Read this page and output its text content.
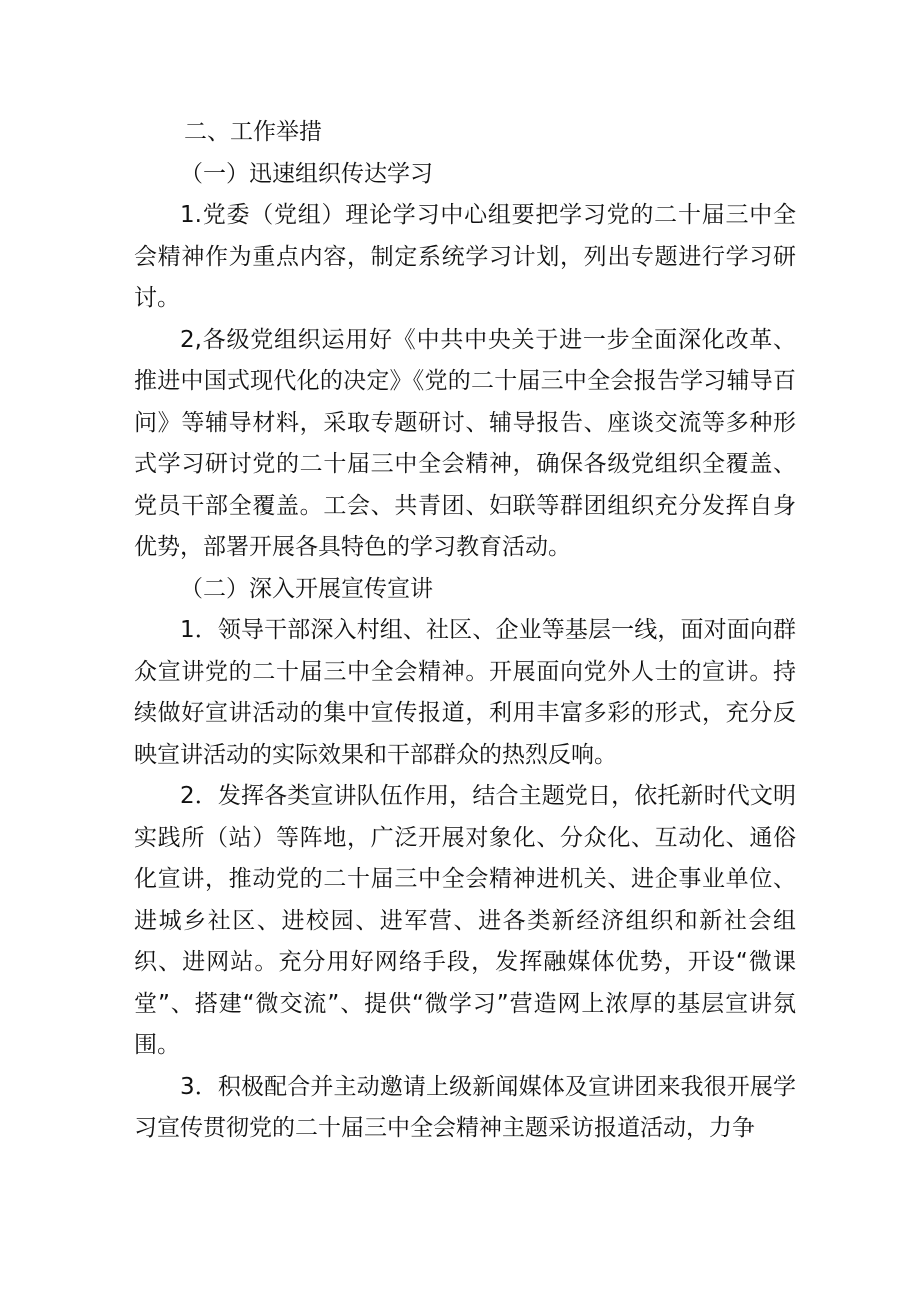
二、工作举措

（一）迅速组织传达学习

1.党委（党组）理论学习中心组要把学习党的二十届三中全会精神作为重点内容，制定系统学习计划，列出专题进行学习研讨。

2,各级党组织运用好《中共中央关于进一步全面深化改革、推进中国式现代化的决定》《党的二十届三中全会报告学习辅导百问》等辅导材料，采取专题研讨、辅导报告、座谈交流等多种形式学习研讨党的二十届三中全会精神，确保各级党组织全覆盖、党员干部全覆盖。工会、共青团、妇联等群团组织充分发挥自身优势，部署开展各具特色的学习教育活动。

（二）深入开展宣传宣讲

1．领导干部深入村组、社区、企业等基层一线，面对面向群众宣讲党的二十届三中全会精神。开展面向党外人士的宣讲。持续做好宣讲活动的集中宣传报道，利用丰富多彩的形式，充分反映宣讲活动的实际效果和干部群众的热烈反响。

2．发挥各类宣讲队伍作用，结合主题党日，依托新时代文明实践所（站）等阵地，广泛开展对象化、分众化、互动化、通俗化宣讲，推动党的二十届三中全会精神进机关、进企事业单位、进城乡社区、进校园、进军营、进各类新经济组织和新社会组织、进网站。充分用好网络手段，发挥融媒体优势，开设“微课堂”、搭建“微交流”、提供“微学习”营造网上浓厚的基层宣讲氛围。

3．积极配合并主动邀请上级新闻媒体及宣讲团来我很开展学习宣传贯彻党的二十届三中全会精神主题采访报道活动，力争
